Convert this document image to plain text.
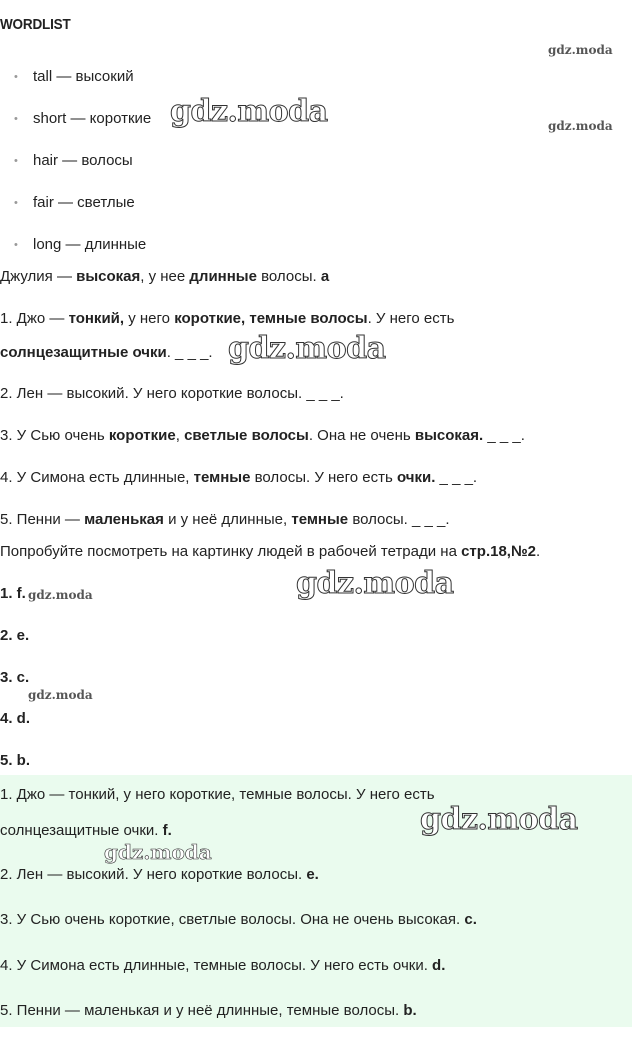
WORDLIST
• tall — высокий
• short — короткие
• hair — волосы
• fair — светлые
• long — длинные
Джулия — высокая, у нее длинные волосы. a
1. Джо — тонкий, у него короткие, темные волосы. У него есть
солнцезащитные очки. _ _ _.
2. Лен — высокий. У него короткие волосы. _ _ _.
3. У Сью очень короткие, светлые волосы. Она не очень высокая. _ _ _.
4. У Симона есть длинные, темные волосы. У него есть очки. _ _ _.
5. Пенни — маленькая и у неё длинные, темные волосы. _ _ _.
Попробуйте посмотреть на картинку людей в рабочей тетради на стр.18,№2.
1. f.
2. e.
3. c.
4. d.
5. b.
1. Джо — тонкий, у него короткие, темные волосы. У него есть
солнцезащитные очки. f.
2. Лен — высокий. У него короткие волосы. e.
3. У Сью очень короткие, светлые волосы. Она не очень высокая. c.
4. У Симона есть длинные, темные волосы. У него есть очки. d.
5. Пенни — маленькая и у неё длинные, темные волосы. b.
gdz.moda
gdz.moda	gdz.moda
gdz.moda
gdz.moda
gdz.moda
gdz.moda
gdz.moda
gdz.moda
